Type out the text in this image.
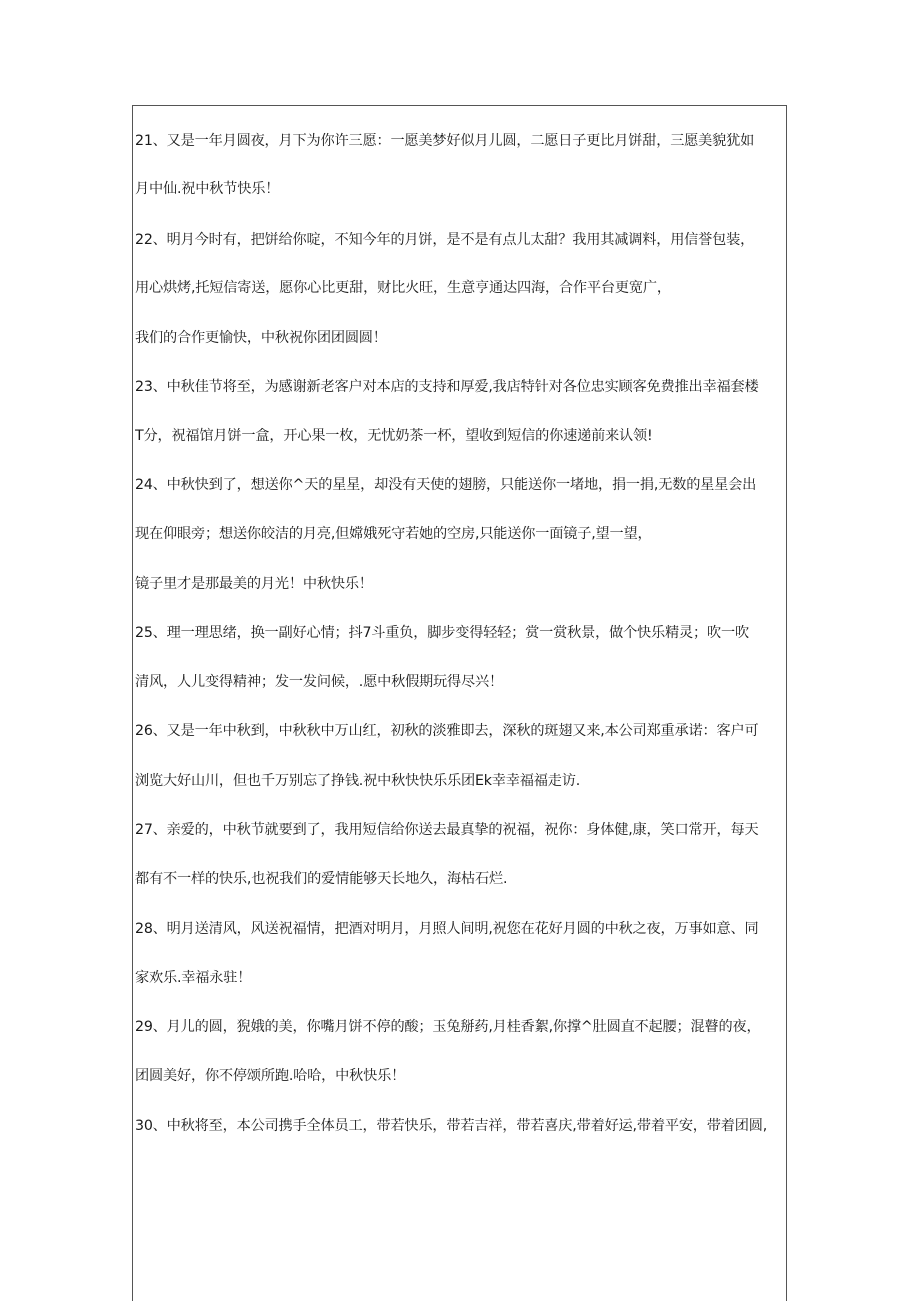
21、又是一年月圆夜，月下为你许三愿：一愿美梦好似月儿圆，二愿日子更比月饼甜，三愿美貌犹如
月中仙.祝中秋节快乐！
22、明月今时有，把饼给你啶，不知今年的月饼，是不是有点儿太甜？我用其减调料，用信誉包装，
用心烘烤,托短信寄送，愿你心比更甜，财比火旺，生意亨通达四海，合作平台更宽广，
我们的合作更愉快，中秋祝你团团圆圆！
23、中秋佳节将至，为感谢新老客户对本店的支持和厚爱,我店特针对各位忠实顾客免费推出幸福套楼
T分，祝福馆月饼一盒，开心果一枚，无忧奶茶一杯，望收到短信的你速递前来认领!
24、中秋快到了，想送你^天的星星，却没有天使的翅膀，只能送你一堵地，捐一捐,无数的星星会出
现在仰眼旁；想送你皎洁的月亮,但嫦娥死守若她的空房,只能送你一面镜子,望一望，
镜子里才是那最美的月光！中秋快乐！
25、理一理思绪，换一副好心情；抖7斗重负，脚步变得轻轻；赏一赏秋景，做个快乐精灵；吹一吹
清风，人儿变得精神；发一发问候，.愿中秋假期玩得尽兴！
26、又是一年中秋到，中秋秋中万山红，初秋的淡雅即去，深秋的斑翅又来,本公司郑重承诺：客户可
浏览大好山川，但也千万别忘了挣钱.祝中秋快快乐乐团Ek幸幸福福走访.
27、亲爱的，中秋节就要到了，我用短信给你送去最真挚的祝福，祝你：身体健,康，笑口常开，每天
都有不一样的快乐,也祝我们的爱情能够天长地久，海枯石烂.
28、明月送清风，风送祝福情，把酒对明月，月照人间明,祝您在花好月圆的中秋之夜，万事如意、同
家欢乐.幸福永驻！
29、月儿的圆，猊娥的美，你嘴月饼不停的酸；玉兔掰药,月桂香絮,你撑^肚圆直不起腰；混瞽的夜，
团圆美好，你不停颂所跑.哈哈，中秋快乐！
30、中秋将至，本公司携手全体员工，带若快乐，带若吉祥，带若喜庆,带着好运,带着平安，带着团圆,
